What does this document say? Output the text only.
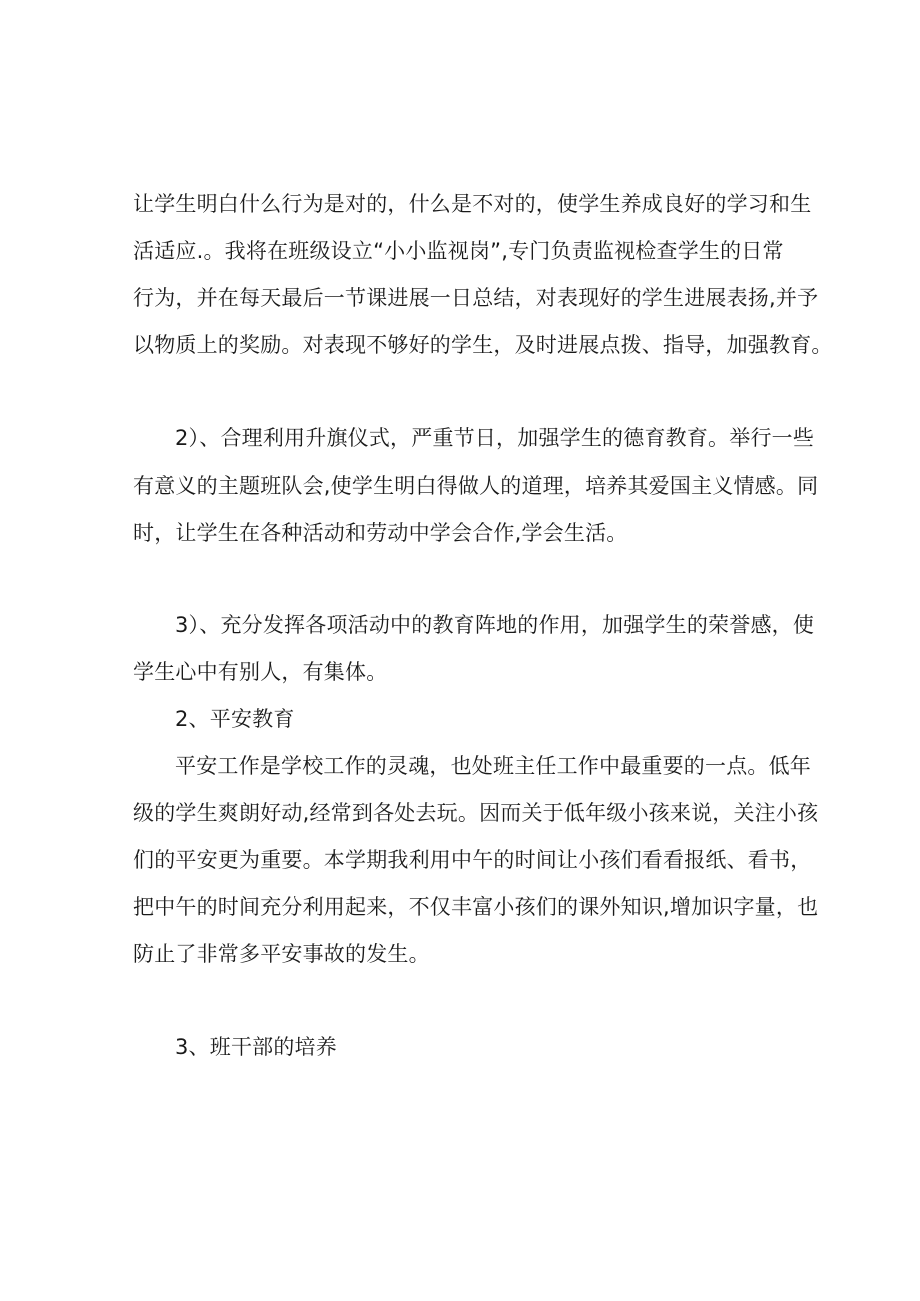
让学生明白什么行为是对的，什么是不对的，使学生养成良好的学习和生
活适应.。我将在班级设立“小小监视岗”,专门负责监视检查学生的日常
行为，并在每天最后一节课进展一日总结，对表现好的学生进展表扬,并予
以物质上的奖励。对表现不够好的学生，及时进展点拨、指导，加强教育。
2）、合理利用升旗仪式，严重节日，加强学生的德育教育。举行一些
有意义的主题班队会,使学生明白得做人的道理，培养其爱国主义情感。同
时，让学生在各种活动和劳动中学会合作,学会生活。
3）、充分发挥各项活动中的教育阵地的作用，加强学生的荣誉感，使
学生心中有别人，有集体。
2、平安教育
平安工作是学校工作的灵魂，也处班主任工作中最重要的一点。低年
级的学生爽朗好动,经常到各处去玩。因而关于低年级小孩来说，关注小孩
们的平安更为重要。本学期我利用中午的时间让小孩们看看报纸、看书，
把中午的时间充分利用起来，不仅丰富小孩们的课外知识,增加识字量，也
防止了非常多平安事故的发生。
3、班干部的培养
